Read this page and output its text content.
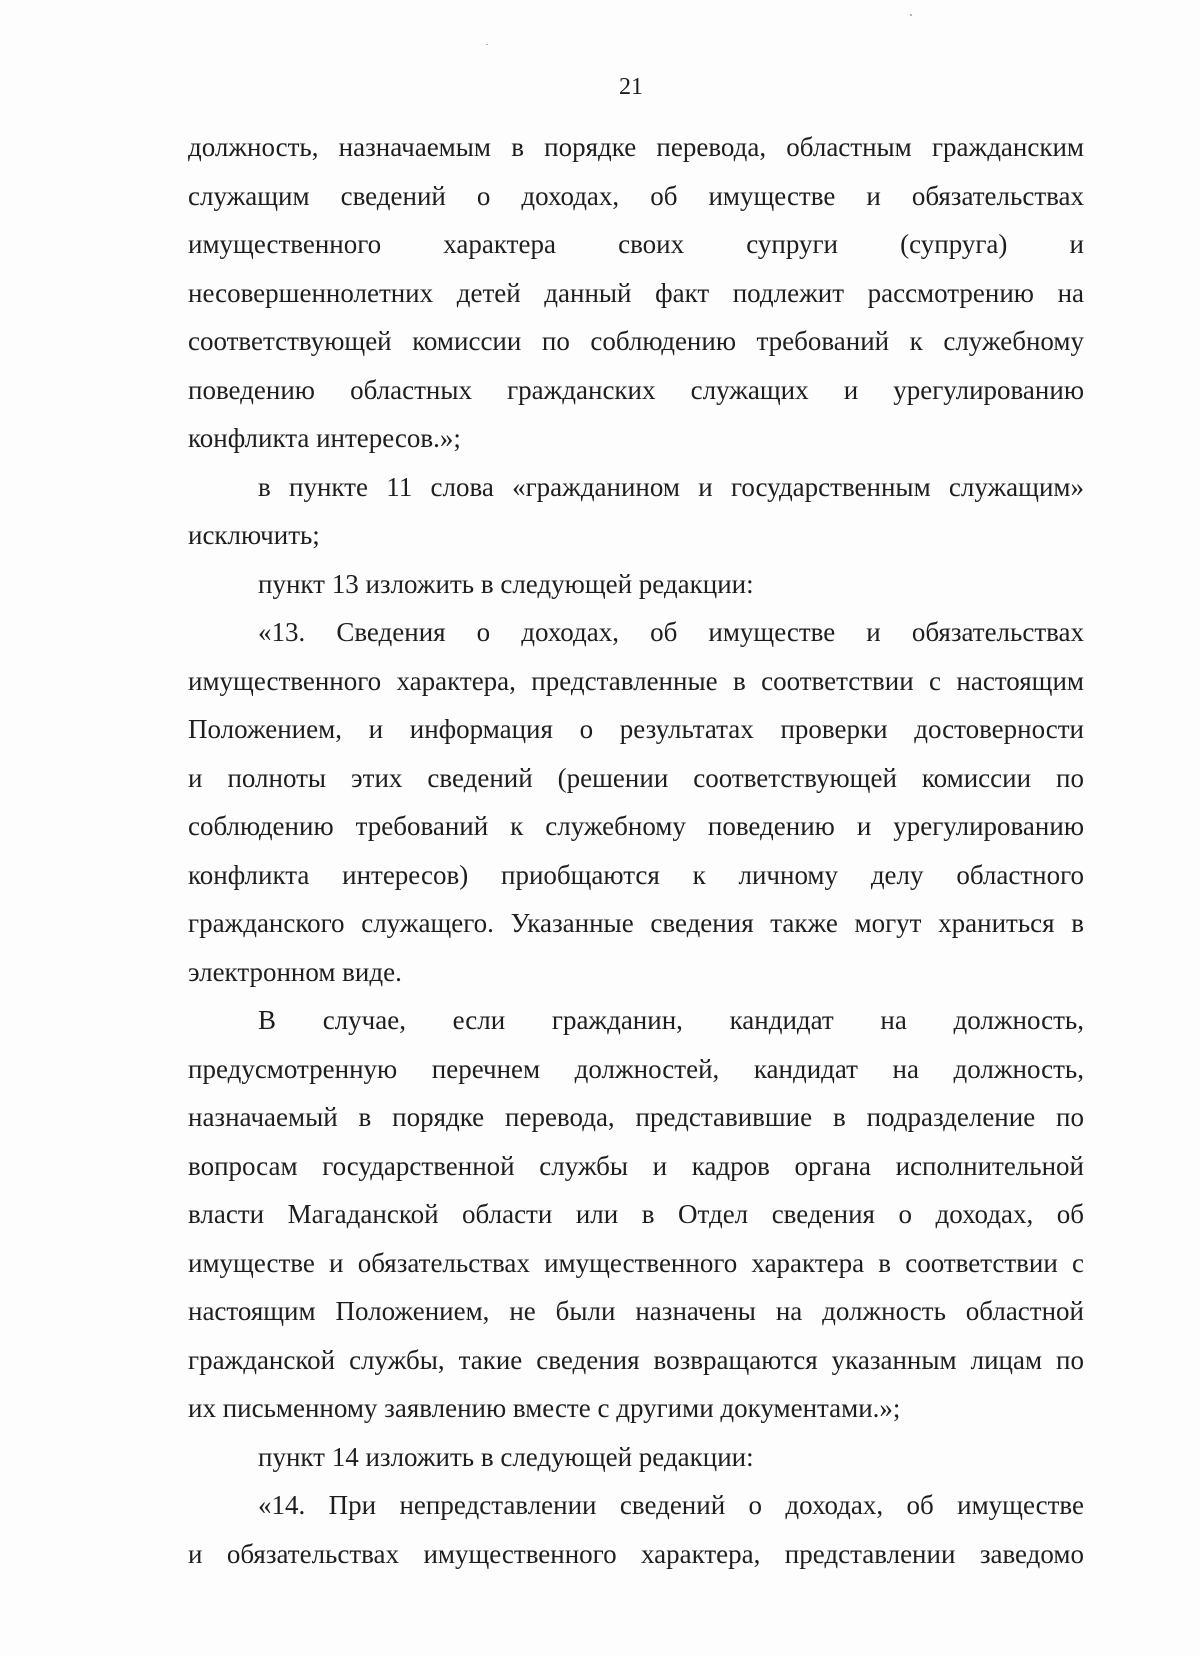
21

должность, назначаемым в порядке перевода, областным гражданским
служащим сведений о доходах, об имуществе и обязательствах
имущественного характера своих супруги (супруга) и
несовершеннолетних детей данный факт подлежит рассмотрению на
соответствующей комиссии по соблюдению требований к служебному
поведению областных гражданских служащих и урегулированию
конфликта интересов.»;

в пункте 11 слова «гражданином и государственным служащим»
исключить;

пункт 13 изложить в следующей редакции:

«13. Сведения о доходах, об имуществе и обязательствах
имущественного характера, представленные в соответствии с настоящим
Положением, и информация о результатах проверки достоверности
и полноты этих сведений (решении соответствующей комиссии по
соблюдению требований к служебному поведению и урегулированию
конфликта интересов) приобщаются к личному делу областного
гражданского служащего. Указанные сведения также могут храниться в
электронном виде.

В случае, если гражданин, кандидат на должность,
предусмотренную перечнем должностей, кандидат на должность,
назначаемый в порядке перевода, представившие в подразделение по
вопросам государственной службы и кадров органа исполнительной
власти Магаданской области или в Отдел сведения о доходах, об
имуществе и обязательствах имущественного характера в соответствии с
настоящим Положением, не были назначены на должность областной
гражданской службы, такие сведения возвращаются указанным лицам по
их письменному заявлению вместе с другими документами.»;

пункт 14 изложить в следующей редакции:

«14. При непредставлении сведений о доходах, об имуществе
и обязательствах имущественного характера, представлении заведомо
